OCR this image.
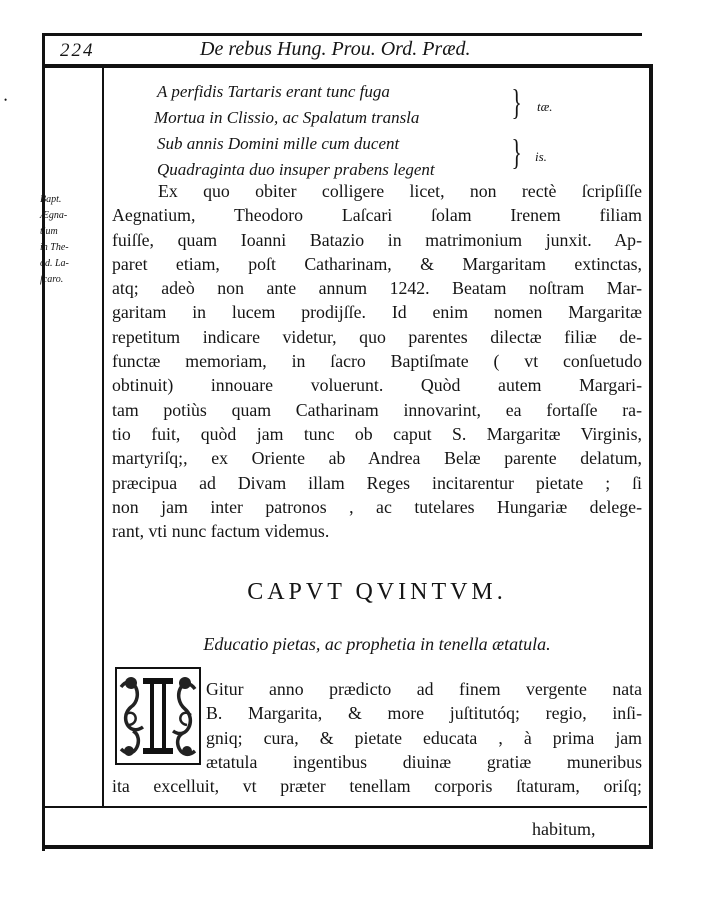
•
224	De rebus Hung. Prou. Ord. Præd.
A perfidis Tartaris erant tunc fuga
Mortua in Clissio, ac Spalatum transla
Sub annis Domini mille cum ducent
Quadraginta duo insuper prabens legent
}
}
tæ.
is.
Bapt.
Ægna-
tium
in The-
od. La-
ſcaro.
Ex quo obiter colligere licet, non rectè ſcripſiſſe
Aegnatium, Theodoro Laſcari ſolam Irenem filiam
fuiſſe, quam Ioanni Batazio in matrimonium junxit. Ap-
paret etiam, poſt Catharinam, & Margaritam extinctas,
atq; adeò non ante annum 1242. Beatam noſtram Mar-
garitam in lucem prodijſſe. Id enim nomen Margaritæ
repetitum indicare videtur, quo parentes dilectæ filiæ de-
functæ memoriam, in ſacro Baptiſmate ( vt conſuetudo
obtinuit) innouare voluerunt. Quòd autem Margari-
tam potiùs quam Catharinam innovarint, ea fortaſſe ra-
tio fuit, quòd jam tunc ob caput S. Margaritæ Virginis,
martyriſq;, ex Oriente ab Andrea Belæ parente delatum,
præcipua ad Divam illam Reges incitarentur pietate ; ſi
non jam inter patronos , ac tutelares Hungariæ delege-
rant, vti nunc factum videmus.
CAPVT QVINTVM.
Educatio pietas, ac prophetia in tenella ætatula.
Gitur anno prædicto ad finem vergente nata
B. Margarita, & more juſtitutóq; regio, inſi-
gniq; cura, & pietate educata , à prima jam
ætatula ingentibus diuinæ gratiæ muneribus
ita excelluit, vt præter tenellam corporis ſtaturam, oriſq;
habitum,
